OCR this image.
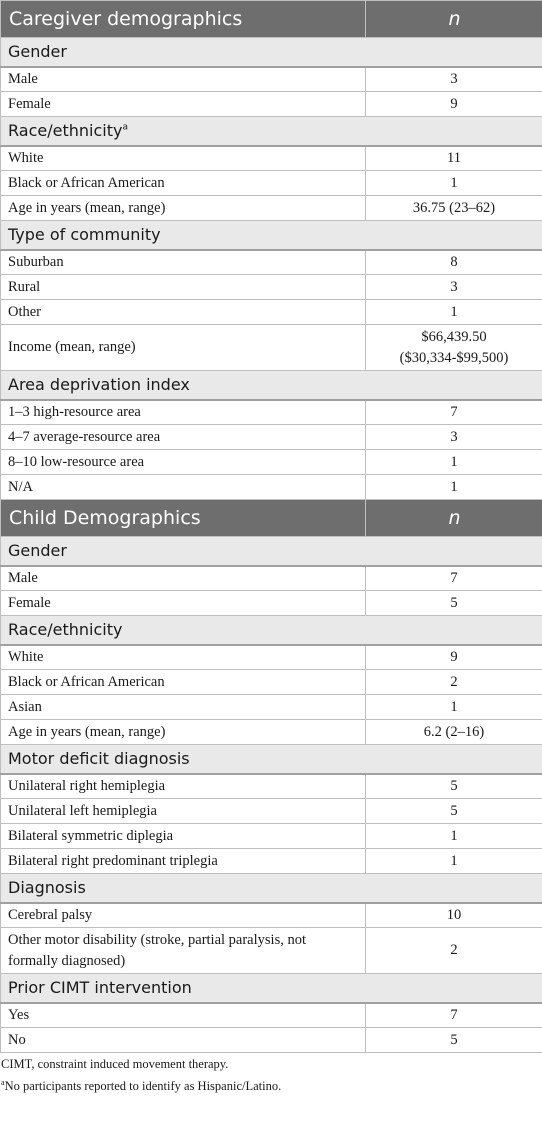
Caregiver demographics	n
Gender	
Male	3
Female	9
Race/ethnicity$^a$
White	11
Black or African American	1
Age in years (mean, range)	36.75 (23–62)
Type of community	
Suburban	8
Rural	3
Other	1
Income (mean, range)	$66,439.50
($30,334-$99,500)

Area deprivation index	
1–3 high-resource area	7
4–7 average-resource area	3
8–10 low-resource area	1
N/A	1
Child Demographics	n
Gender	
Male	7
Female	5
Race/ethnicity	
White	9
Black or African American	2
Asian	1
Age in years (mean, range)	6.2 (2–16)
Motor deficit diagnosis	
Unilateral right hemiplegia	5
Unilateral left hemiplegia	5
Bilateral symmetric diplegia	1
Bilateral right predominant triplegia	1
Diagnosis	
Cerebral palsy	10

Other motor disability (stroke, partial paralysis, not
formally diagnosed)	2
Prior CIMT intervention	
Yes	7
No	5

CIMT, constraint induced movement therapy.

$^a$No participants reported to identify as Hispanic/Latino.
